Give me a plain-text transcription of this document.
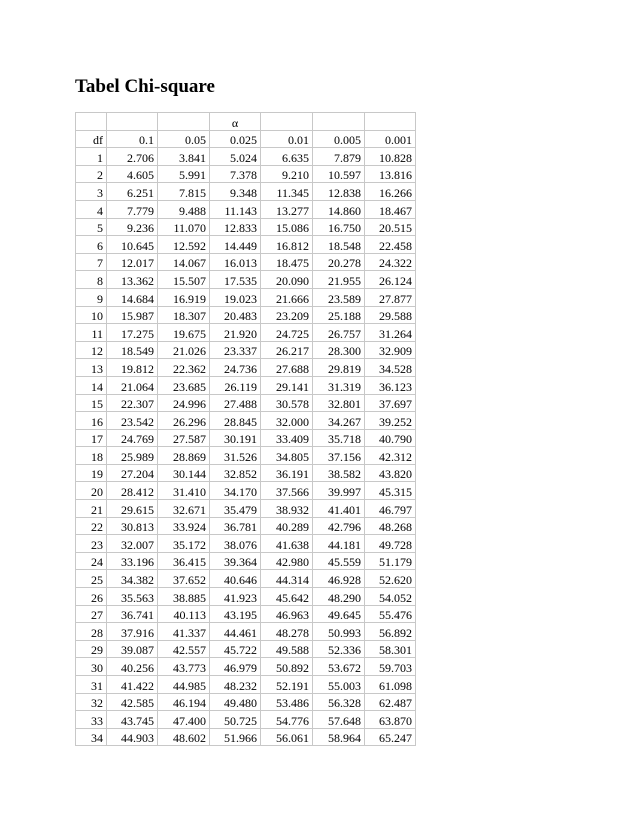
Tabel Chi-square
			α			
df	0.1	0.05	0.025	0.01	0.005	0.001
1	2.706	3.841	5.024	6.635	7.879	10.828
2	4.605	5.991	7.378	9.210	10.597	13.816
3	6.251	7.815	9.348	11.345	12.838	16.266
4	7.779	9.488	11.143	13.277	14.860	18.467
5	9.236	11.070	12.833	15.086	16.750	20.515
6	10.645	12.592	14.449	16.812	18.548	22.458
7	12.017	14.067	16.013	18.475	20.278	24.322
8	13.362	15.507	17.535	20.090	21.955	26.124
9	14.684	16.919	19.023	21.666	23.589	27.877
10	15.987	18.307	20.483	23.209	25.188	29.588
11	17.275	19.675	21.920	24.725	26.757	31.264
12	18.549	21.026	23.337	26.217	28.300	32.909
13	19.812	22.362	24.736	27.688	29.819	34.528
14	21.064	23.685	26.119	29.141	31.319	36.123
15	22.307	24.996	27.488	30.578	32.801	37.697
16	23.542	26.296	28.845	32.000	34.267	39.252
17	24.769	27.587	30.191	33.409	35.718	40.790
18	25.989	28.869	31.526	34.805	37.156	42.312
19	27.204	30.144	32.852	36.191	38.582	43.820
20	28.412	31.410	34.170	37.566	39.997	45.315
21	29.615	32.671	35.479	38.932	41.401	46.797
22	30.813	33.924	36.781	40.289	42.796	48.268
23	32.007	35.172	38.076	41.638	44.181	49.728
24	33.196	36.415	39.364	42.980	45.559	51.179
25	34.382	37.652	40.646	44.314	46.928	52.620
26	35.563	38.885	41.923	45.642	48.290	54.052
27	36.741	40.113	43.195	46.963	49.645	55.476
28	37.916	41.337	44.461	48.278	50.993	56.892
29	39.087	42.557	45.722	49.588	52.336	58.301
30	40.256	43.773	46.979	50.892	53.672	59.703
31	41.422	44.985	48.232	52.191	55.003	61.098
32	42.585	46.194	49.480	53.486	56.328	62.487
33	43.745	47.400	50.725	54.776	57.648	63.870
34	44.903	48.602	51.966	56.061	58.964	65.247
